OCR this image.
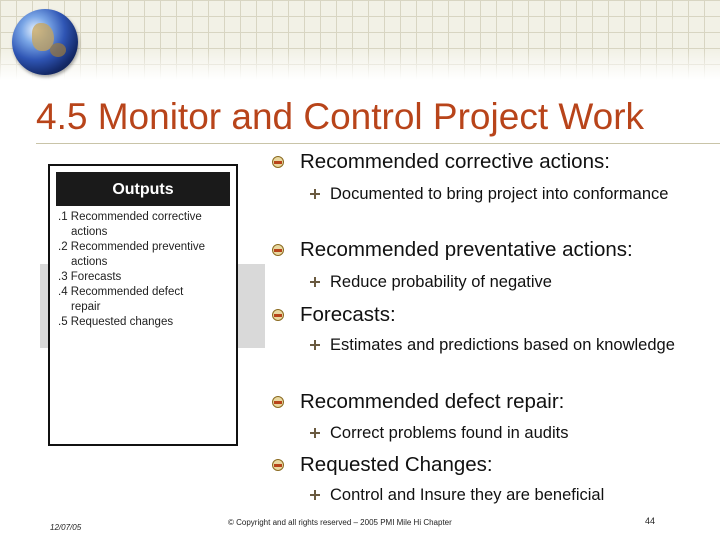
4.5 Monitor and Control Project Work
Outputs
.1 Recommended corrective
actions
.2 Recommended preventive
actions
.3 Forecasts
.4 Recommended defect
repair
.5 Requested changes
Recommended corrective actions:
Documented to bring project into conformance
Recommended preventative actions:
Reduce probability of negative
Forecasts:
Estimates and predictions based on knowledge
Recommended defect repair:
Correct problems found in audits
Requested Changes:
Control and Insure they are beneficial
12/07/05
© Copyright and all rights reserved – 2005 PMI Mile Hi Chapter	44
